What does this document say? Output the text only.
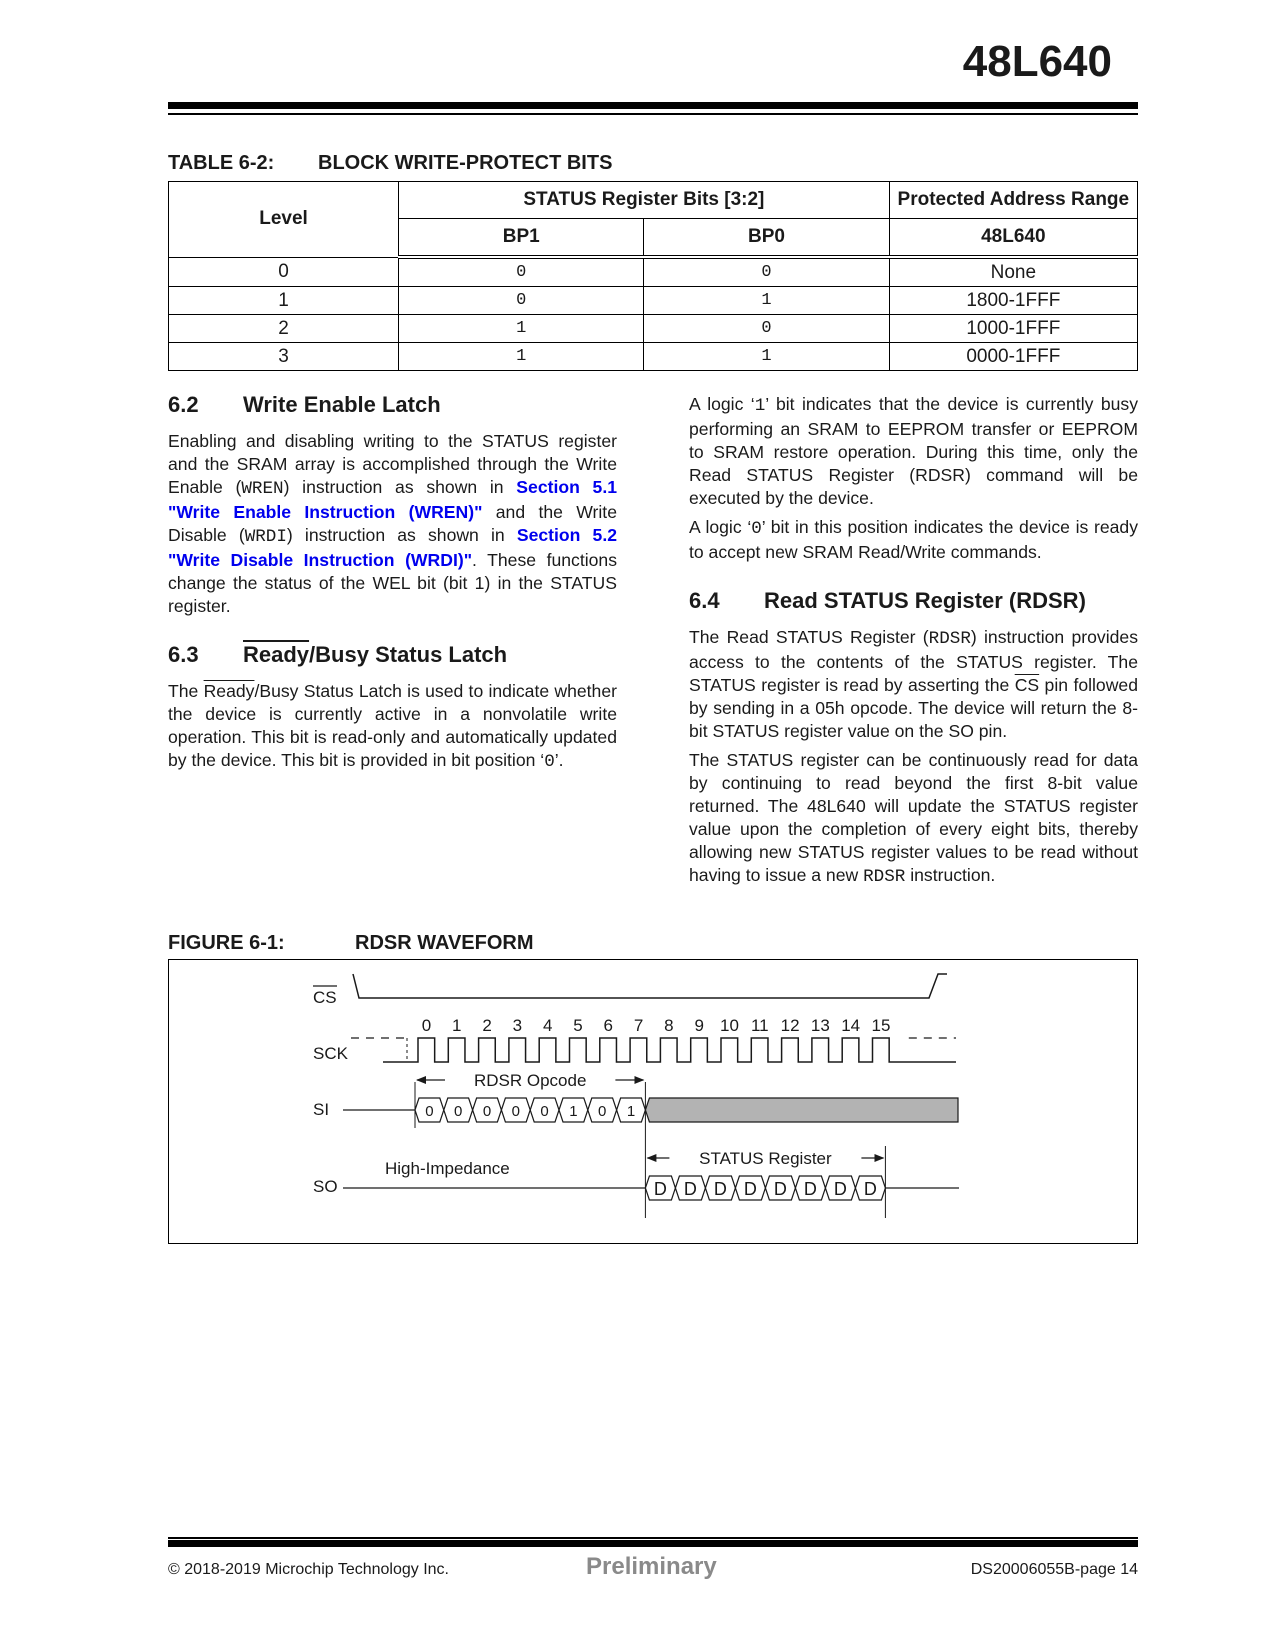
48L640

TABLE 6-2: BLOCK WRITE-PROTECT BITS

Level	STATUS Register Bits [3:2]		Protected Address Range
	BP1	BP0	48L640
0	0	0	None
1	0	1	1800-1FFF
2	1	0	1000-1FFF
3	1	1	0000-1FFF
6.2 Write Enable Latch

Enabling and disabling writing to the STATUS register and the SRAM array is accomplished through the Write Enable (WREN) instruction as shown in Section 5.1 "Write Enable Instruction (WREN)" and the Write Disable (WRDI) instruction as shown in Section 5.2 "Write Disable Instruction (WRDI)". These functions change the status of the WEL bit (bit 1) in the STATUS register.

6.3 Ready/Busy Status Latch

The Ready/Busy Status Latch is used to indicate whether the device is currently active in a nonvolatile write operation. This bit is read-only and automatically updated by the device. This bit is provided in bit position ‘0’.

A logic ‘1’ bit indicates that the device is currently busy performing an SRAM to EEPROM transfer or EEPROM to SRAM restore operation. During this time, only the Read STATUS Register (RDSR) command will be executed by the device.

A logic ‘0’ bit in this position indicates the device is ready to accept new SRAM Read/Write commands.

6.4 Read STATUS Register (RDSR)

The Read STATUS Register (RDSR) instruction provides access to the contents of the STATUS register. The STATUS register is read by asserting the $\overline{CS}$ pin followed by sending in a 05h opcode. The device will return the 8-bit STATUS register value on the SO pin.

The STATUS register can be continuously read for data by continuing to read beyond the first 8-bit value returned. The 48L640 will update the STATUS register value upon the completion of every eight bits, thereby allowing new STATUS register values to be read without having to issue a new RDSR instruction.

FIGURE 6-1:	RDSR WAVEFORM

CS
SCK
SI
SO
0 1 2 3 4 5 6 7 8 9 10 11 12 13 14 15
RDSR Opcode
0 0 0 0 0 1 0 1
STATUS Register
High-Impedance
D D D D D D D D
© 2018-2019 Microchip Technology Inc.	Preliminary	DS20006055B-page 14
